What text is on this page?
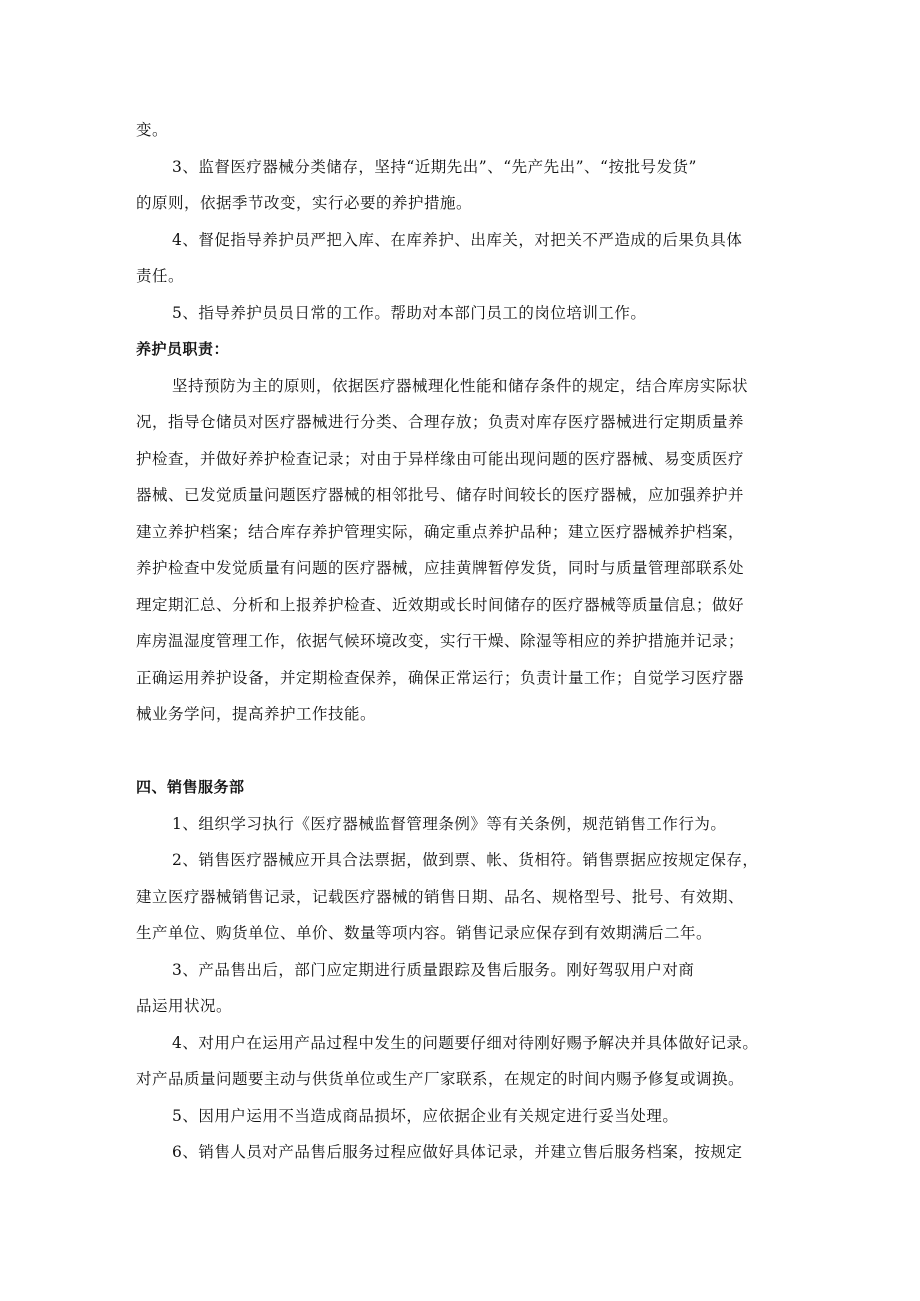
变。
3、监督医疗器械分类储存，坚持“近期先出”、“先产先出”、“按批号发货”
的原则，依据季节改变，实行必要的养护措施。
4、督促指导养护员严把入库、在库养护、出库关，对把关不严造成的后果负具体
责任。
5、指导养护员员日常的工作。帮助对本部门员工的岗位培训工作。
养护员职责：
坚持预防为主的原则，依据医疗器械理化性能和储存条件的规定，结合库房实际状
况，指导仓储员对医疗器械进行分类、合理存放；负责对库存医疗器械进行定期质量养
护检查，并做好养护检查记录；对由于异样缘由可能出现问题的医疗器械、易变质医疗
器械、已发觉质量问题医疗器械的相邻批号、储存时间较长的医疗器械，应加强养护并
建立养护档案；结合库存养护管理实际，确定重点养护品种；建立医疗器械养护档案，
养护检查中发觉质量有问题的医疗器械，应挂黄牌暂停发货，同时与质量管理部联系处
理定期汇总、分析和上报养护检查、近效期或长时间储存的医疗器械等质量信息；做好
库房温湿度管理工作，依据气候环境改变，实行干燥、除湿等相应的养护措施并记录；
正确运用养护设备，并定期检查保养，确保正常运行；负责计量工作；自觉学习医疗器
械业务学问，提高养护工作技能。
四、销售服务部
1、组织学习执行《医疗器械监督管理条例》等有关条例，规范销售工作行为。
2、销售医疗器械应开具合法票据，做到票、帐、货相符。销售票据应按规定保存，
建立医疗器械销售记录，记载医疗器械的销售日期、品名、规格型号、批号、有效期、
生产单位、购货单位、单价、数量等项内容。销售记录应保存到有效期满后二年。
3、产品售出后，部门应定期进行质量跟踪及售后服务。刚好驾驭用户对商
品运用状况。
4、对用户在运用产品过程中发生的问题要仔细对待刚好赐予解决并具体做好记录。
对产品质量问题要主动与供货单位或生产厂家联系，在规定的时间内赐予修复或调换。
5、因用户运用不当造成商品损坏，应依据企业有关规定进行妥当处理。
6、销售人员对产品售后服务过程应做好具体记录，并建立售后服务档案，按规定
